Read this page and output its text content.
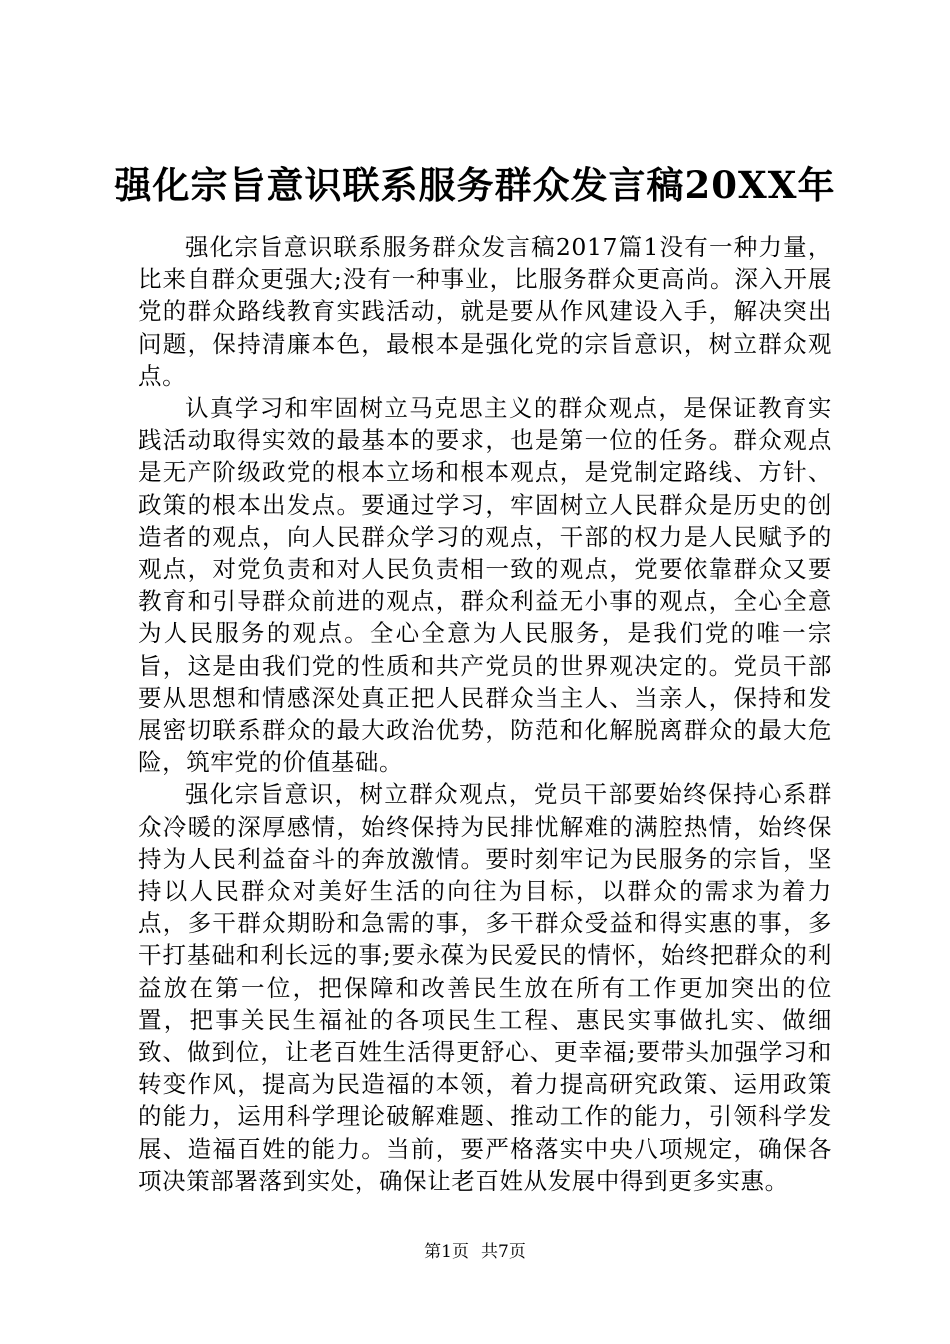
强化宗旨意识联系服务群众发言稿20XX年

强化宗旨意识联系服务群众发言稿2017篇1没有一种力量，比来自群众更强大;没有一种事业，比服务群众更高尚。深入开展党的群众路线教育实践活动，就是要从作风建设入手，解决突出问题，保持清廉本色，最根本是强化党的宗旨意识，树立群众观点。

认真学习和牢固树立马克思主义的群众观点，是保证教育实践活动取得实效的最基本的要求，也是第一位的任务。群众观点是无产阶级政党的根本立场和根本观点，是党制定路线、方针、政策的根本出发点。要通过学习，牢固树立人民群众是历史的创造者的观点，向人民群众学习的观点，干部的权力是人民赋予的观点，对党负责和对人民负责相一致的观点，党要依靠群众又要教育和引导群众前进的观点，群众利益无小事的观点，全心全意为人民服务的观点。全心全意为人民服务，是我们党的唯一宗旨，这是由我们党的性质和共产党员的世界观决定的。党员干部要从思想和情感深处真正把人民群众当主人、当亲人，保持和发展密切联系群众的最大政治优势，防范和化解脱离群众的最大危险，筑牢党的价值基础。

强化宗旨意识，树立群众观点，党员干部要始终保持心系群众冷暖的深厚感情，始终保持为民排忧解难的满腔热情，始终保持为人民利益奋斗的奔放激情。要时刻牢记为民服务的宗旨，坚持以人民群众对美好生活的向往为目标，以群众的需求为着力点，多干群众期盼和急需的事，多干群众受益和得实惠的事，多干打基础和利长远的事;要永葆为民爱民的情怀，始终把群众的利益放在第一位，把保障和改善民生放在所有工作更加突出的位置，把事关民生福祉的各项民生工程、惠民实事做扎实、做细致、做到位，让老百姓生活得更舒心、更幸福;要带头加强学习和转变作风，提高为民造福的本领，着力提高研究政策、运用政策的能力，运用科学理论破解难题、推动工作的能力，引领科学发展、造福百姓的能力。当前，要严格落实中央八项规定，确保各项决策部署落到实处，确保让老百姓从发展中得到更多实惠。

第1页 共7页
